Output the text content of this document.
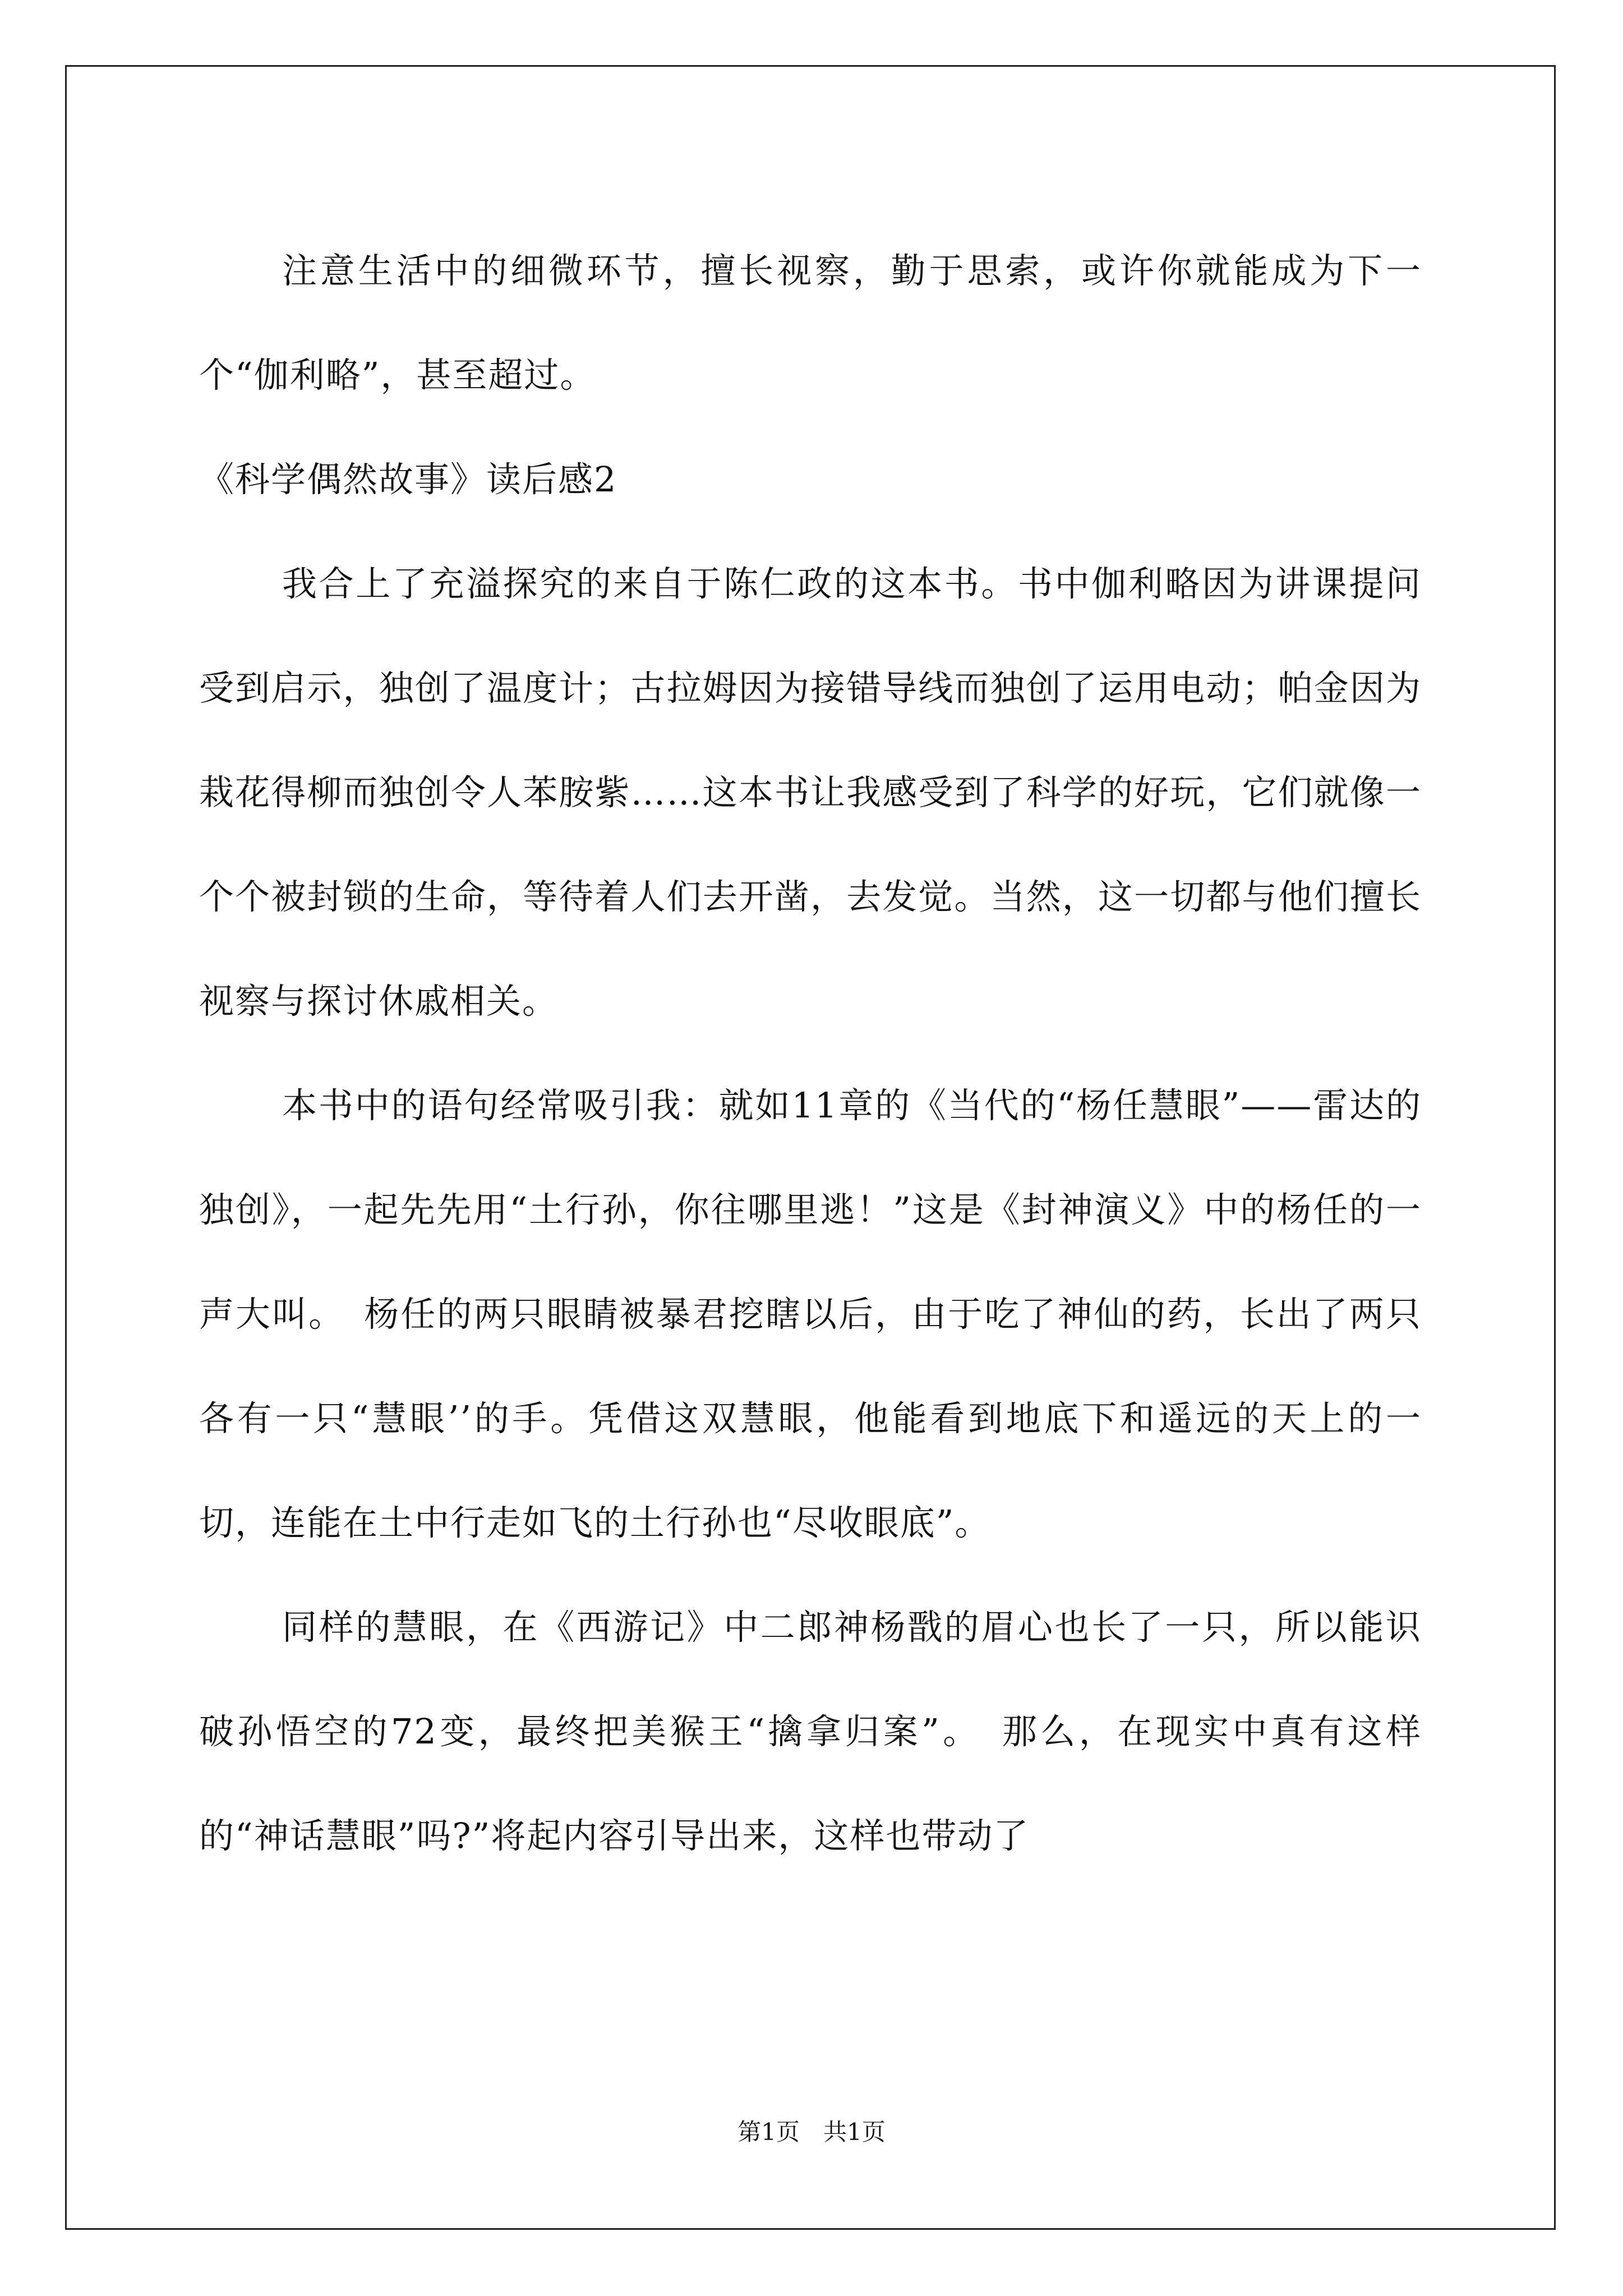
注意生活中的细微环节，擅长视察，勤于思索，或许你就能成为下一个“伽利略”，甚至超过。

《科学偶然故事》读后感2

我合上了充溢探究的来自于陈仁政的这本书。书中伽利略因为讲课提问受到启示，独创了温度计；古拉姆因为接错导线而独创了运用电动；帕金因为栽花得柳而独创令人苯胺紫……这本书让我感受到了科学的好玩，它们就像一个个被封锁的生命，等待着人们去开凿，去发觉。当然，这一切都与他们擅长视察与探讨休戚相关。

本书中的语句经常吸引我：就如11章的《当代的“杨任慧眼”——雷达的独创》，一起先先用“土行孙，你往哪里逃！”这是《封神演义》中的杨任的一声大叫。　杨任的两只眼睛被暴君挖瞎以后，由于吃了神仙的药，长出了两只各有一只“慧眼’’的手。凭借这双慧眼，他能看到地底下和遥远的天上的一切，连能在土中行走如飞的土行孙也“尽收眼底”。

同样的慧眼，在《西游记》中二郎神杨戬的眉心也长了一只，所以能识破孙悟空的72变，最终把美猴王“擒拿归案”。　那么，在现实中真有这样的“神话慧眼”吗?”将起内容引导出来，这样也带动了

第1页　共1页
